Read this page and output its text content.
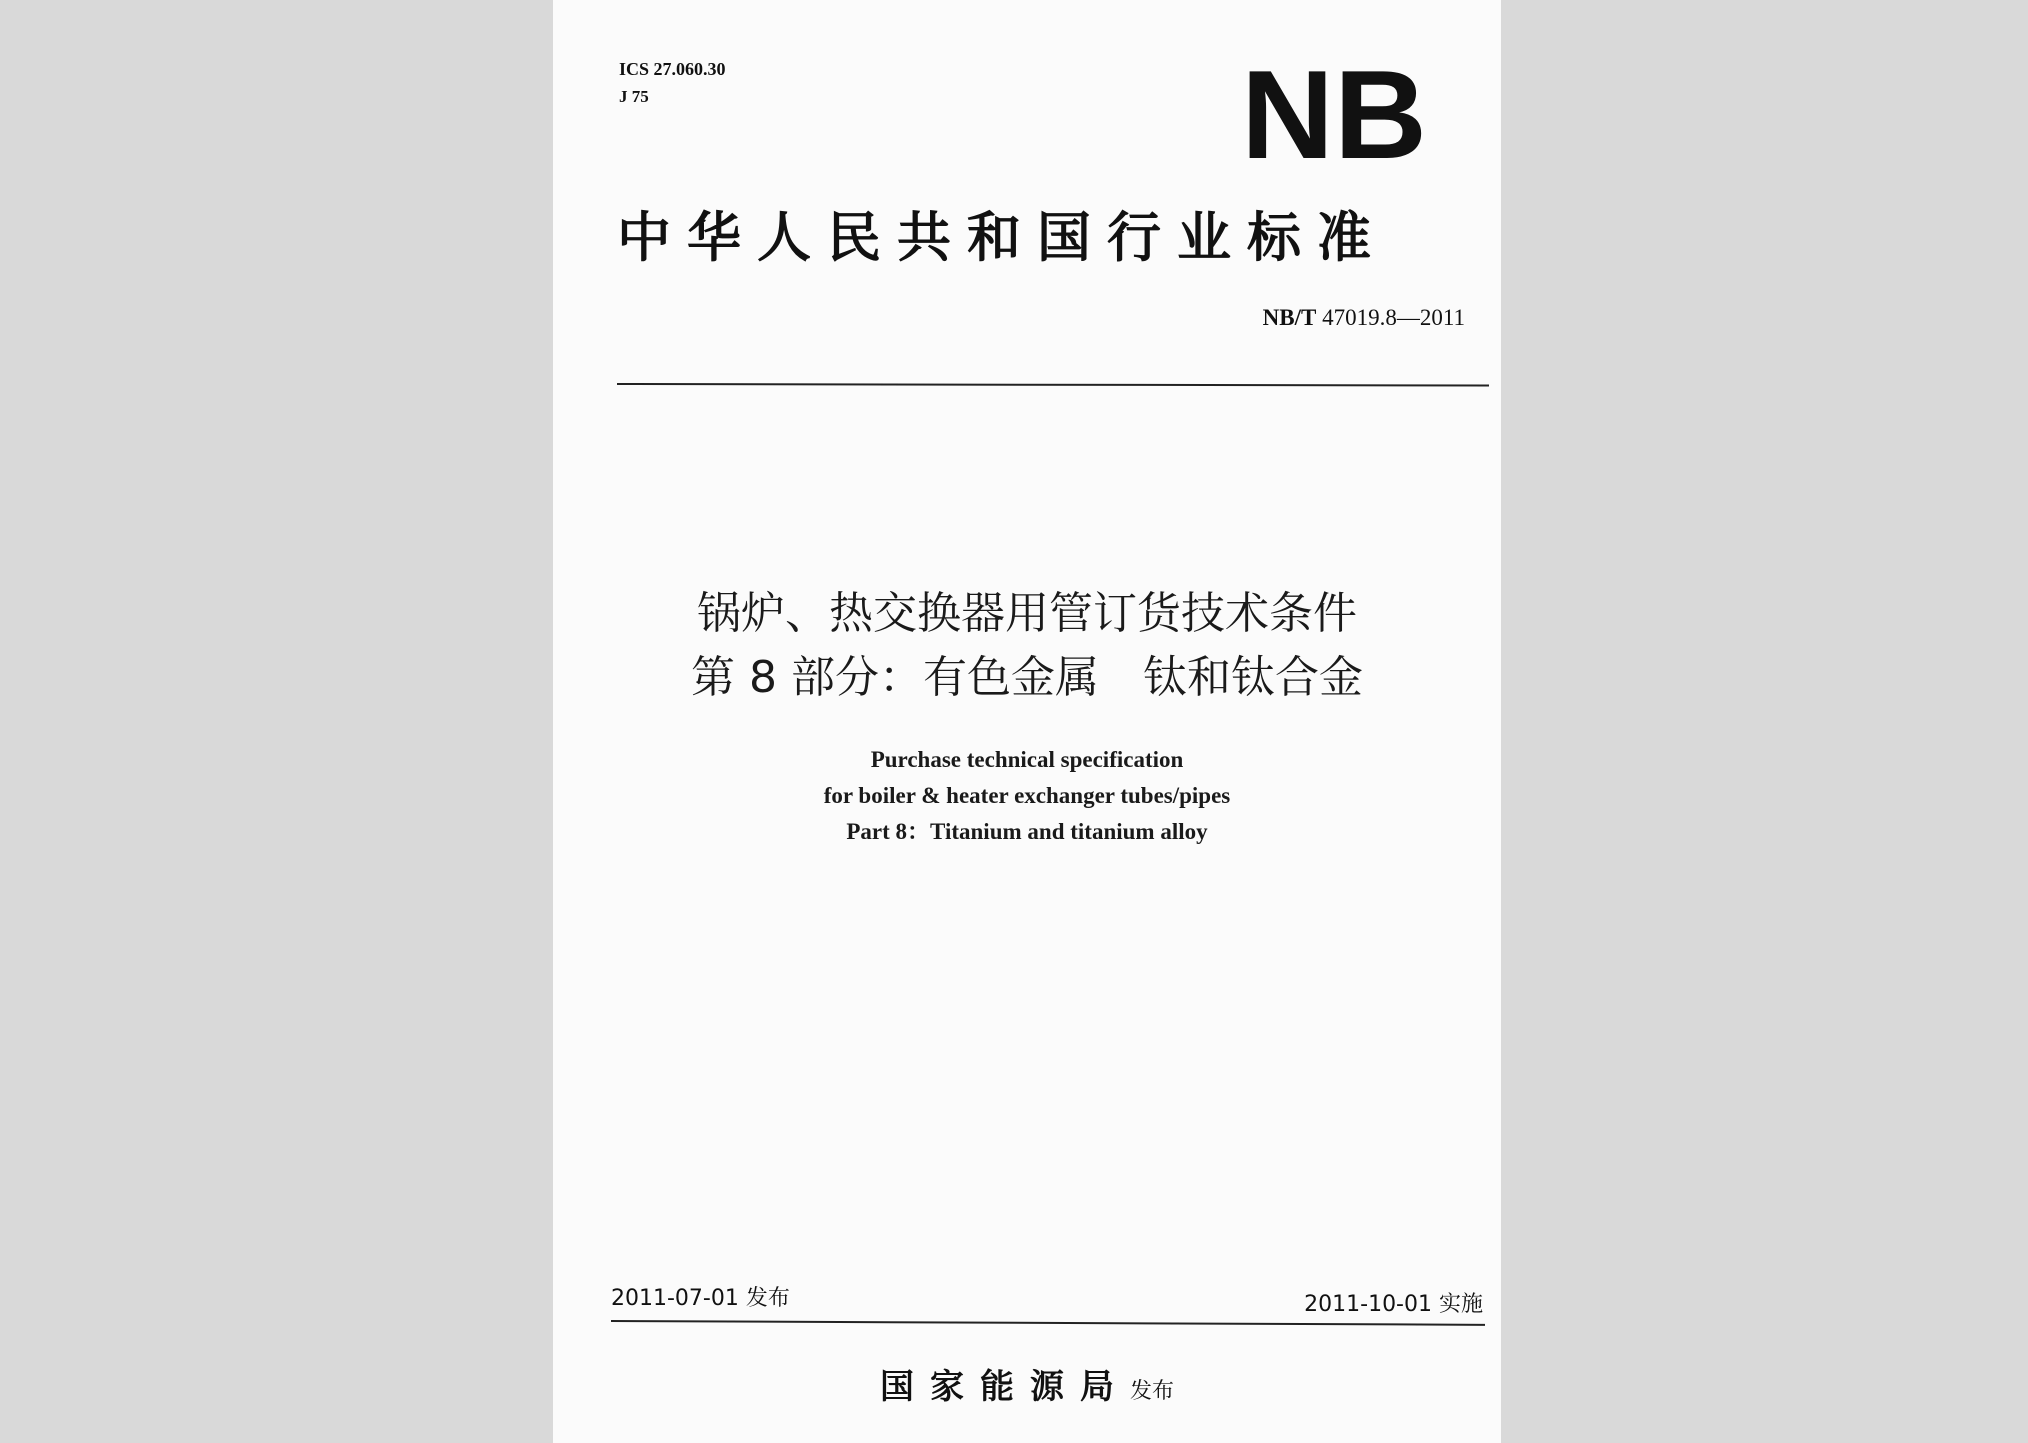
ICS 27.060.30
J 75	NB
中华人民共和国行业标准
NB/T 47019.8—2011
锅炉、热交换器用管订货技术条件
第 8 部分：有色金属　钛和钛合金
Purchase technical specification
for boiler & heater exchanger tubes/pipes
Part 8：Titanium and titanium alloy
2011-07-01 发布	2011-10-01 实施
国家能源局发布
